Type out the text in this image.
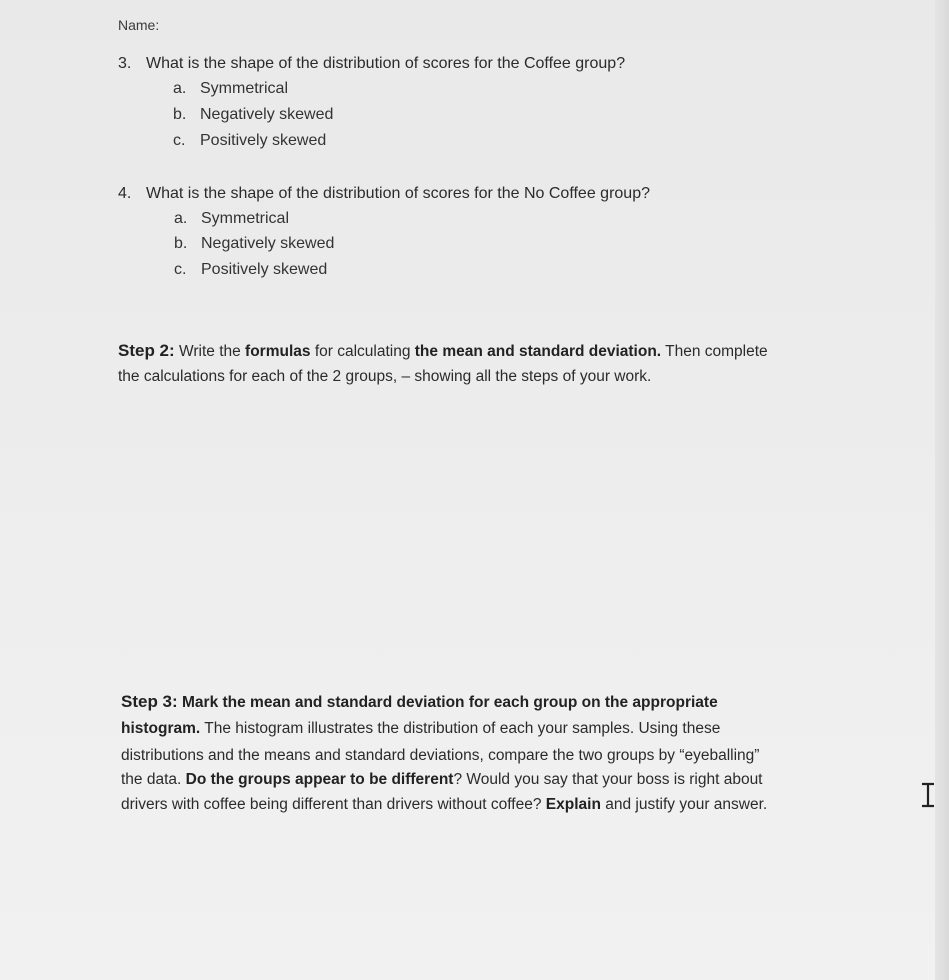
Name:
3. What is the shape of the distribution of scores for the Coffee group?
a. Symmetrical
b. Negatively skewed
c. Positively skewed
4. What is the shape of the distribution of scores for the No Coffee group?
a. Symmetrical
b. Negatively skewed
c. Positively skewed
Step 2: Write the formulas for calculating the mean and standard deviation. Then complete
the calculations for each of the 2 groups, – showing all the steps of your work.
Step 3: Mark the mean and standard deviation for each group on the appropriate
histogram. The histogram illustrates the distribution of each your samples. Using these
distributions and the means and standard deviations, compare the two groups by “eyeballing”
the data. Do the groups appear to be different? Would you say that your boss is right about
drivers with coffee being different than drivers without coffee? Explain and justify your answer.
